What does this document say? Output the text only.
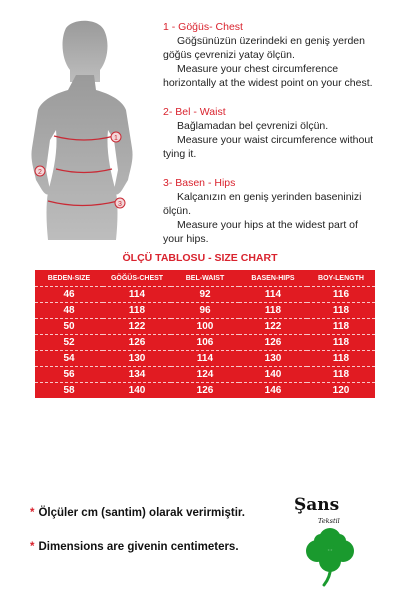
1
2
3
1 - Göğüs- Chest
Göğsünüzün üzerindeki en geniş yerden
göğüs çevrenizi yatay ölçün.
Measure your chest circumference
horizontally at the widest point on your chest.
2- Bel - Waist
Bağlamadan bel çevrenizi ölçün.
Measure your waist circumference without
tying it.
3- Basen - Hips
Kalçanızın en geniş yerinden baseninizi
ölçün.
Measure your hips at the widest part of
your hips.
ÖLÇÜ TABLOSU - SIZE CHART
BEDEN-SIZE	GÖĞÜS-CHEST	BEL-WAIST	BASEN-HIPS	BOY-LENGTH
46	114	92	114	116
48	118	96	118	118
50	122	100	122	118
52	126	106	126	118
54	130	114	130	118
56	134	124	140	118
58	140	126	146	120
* Ölçüler cm (santim) olarak verirmiştir.
* Dimensions are givenin centimeters.
Şans
Tekstil
